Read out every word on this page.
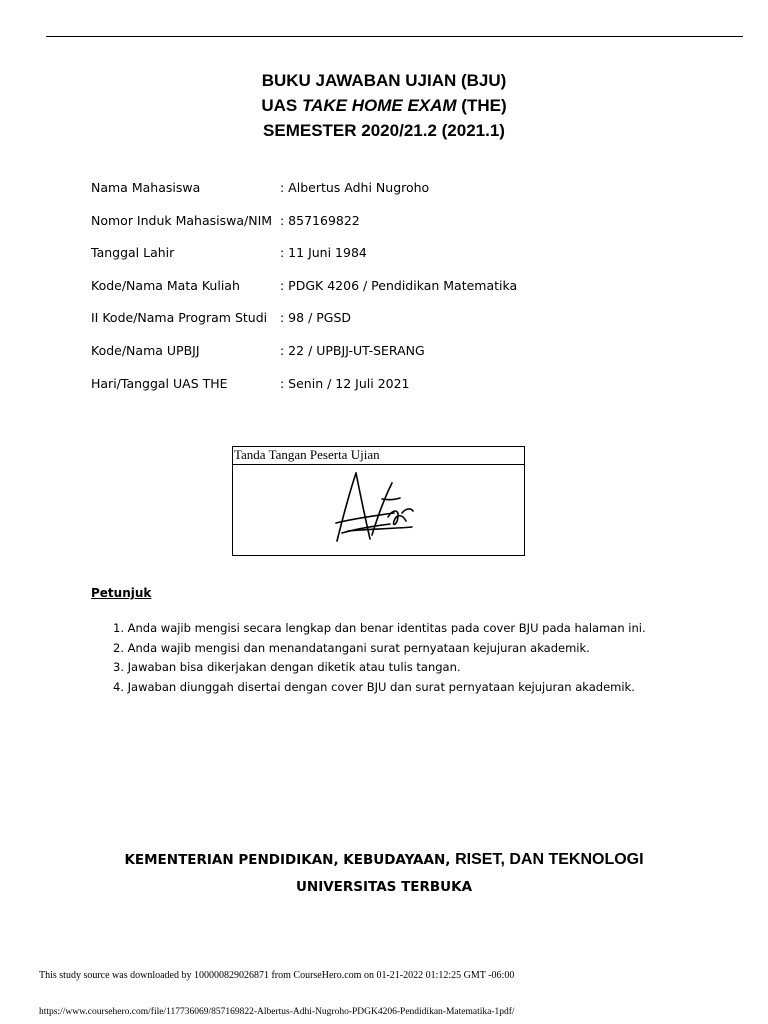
BUKU JAWABAN UJIAN (BJU)
UAS TAKE HOME EXAM (THE)
SEMESTER 2020/21.2 (2021.1)
Nama Mahasiswa	: Albertus Adhi Nugroho
Nomor Induk Mahasiswa/NIM : 857169822
Tanggal Lahir	: 11 Juni 1984
Kode/Nama Mata Kuliah	: PDGK 4206 / Pendidikan Matematika
II Kode/Nama Program Studi : 98 / PGSD
Kode/Nama UPBJJ	: 22 / UPBJJ-UT-SERANG
Hari/Tanggal UAS THE	: Senin / 12 Juli 2021
Tanda Tangan Peserta Ujian
Petunjuk
1. Anda wajib mengisi secara lengkap dan benar identitas pada cover BJU pada halaman ini.
2. Anda wajib mengisi dan menandatangani surat pernyataan kejujuran akademik.
3. Jawaban bisa dikerjakan dengan diketik atau tulis tangan.
4. Jawaban diunggah disertai dengan cover BJU dan surat pernyataan kejujuran akademik.
KEMENTERIAN PENDIDIKAN, KEBUDAYAAN, RISET, DAN TEKNOLOGI
UNIVERSITAS TERBUKA
This study source was downloaded by 100000829026871 from CourseHero.com on 01-21-2022 01:12:25 GMT -06:00
https://www.coursehero.com/file/117736069/857169822-Albertus-Adhi-Nugroho-PDGK4206-Pendidikan-Matematika-1pdf/
